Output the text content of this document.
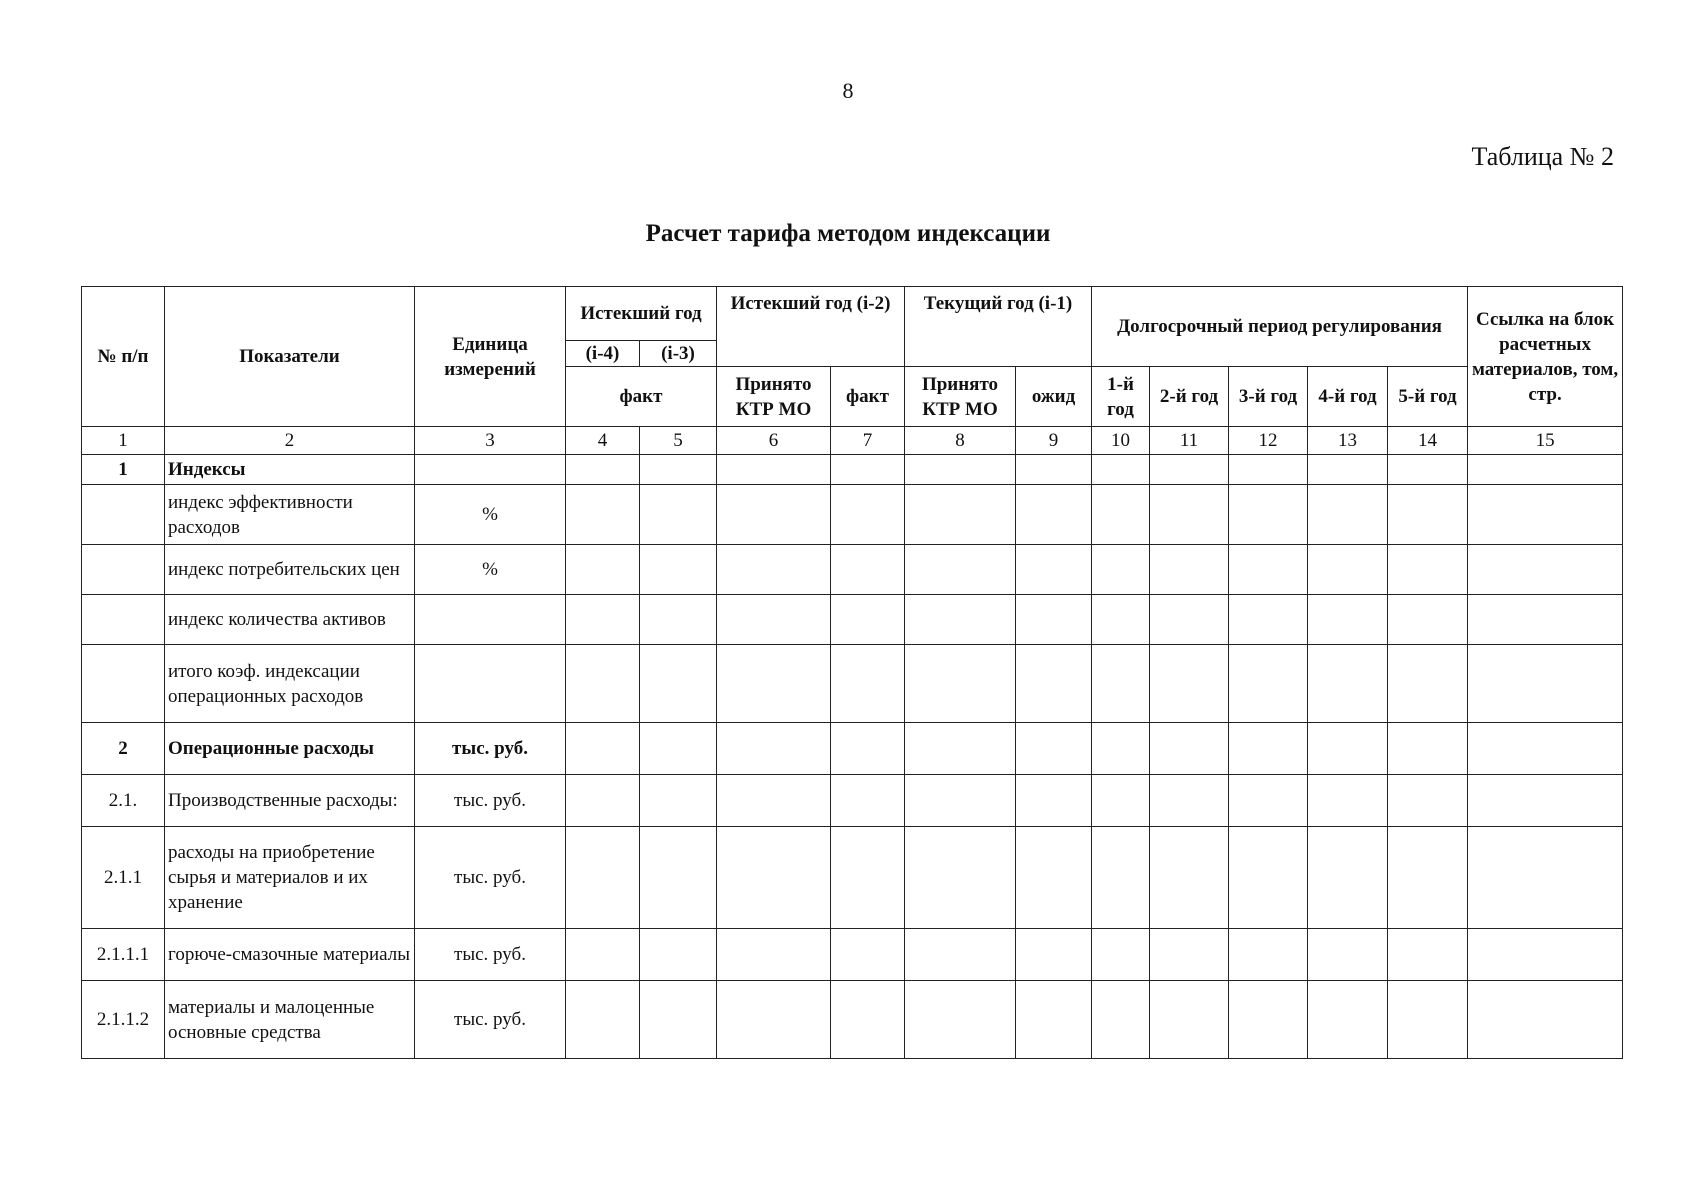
8
Таблица № 2
Расчет тарифа методом индексации
№ п/п	Показатели	Единица измерений	Истекший год		Истекший год (i-2)		Текущий год (i-1)		Долгосрочный период регулирования					Ссылка на блок расчетных материалов, том, стр.
			(i-4)	(i-3)										
			факт		Принято КТР МО	факт	Принято КТР МО	ожид	1-й год	2-й год	3-й год	4-й год	5-й год	
1	2	3	4	5	6	7	8	9	10	11	12	13	14	15
1	Индексы													
	индекс эффективности расходов	%												
	индекс потребительских цен	%												
	индекс количества активов													
	итого коэф. индексации операционных расходов													
2	Операционные расходы	тыс. руб.												
2.1.	Производственные расходы:	тыс. руб.												
2.1.1	расходы на приобретение сырья и материалов и их хранение	тыс. руб.												
2.1.1.1	горюче-смазочные материалы	тыс. руб.												
2.1.1.2	материалы и малоценные основные средства	тыс. руб.												
